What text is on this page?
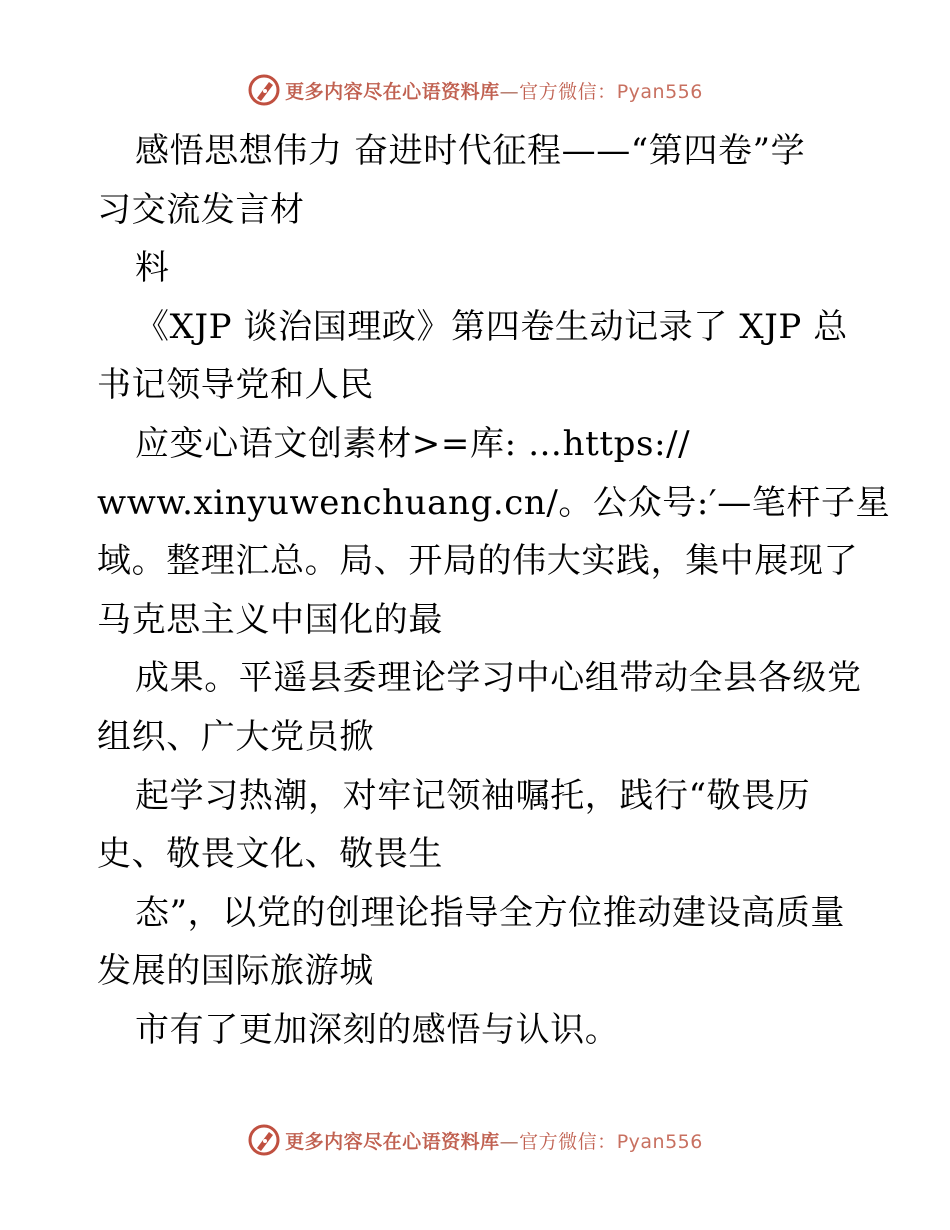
更多内容尽在心语资料库—官方微信：Pyan556
感悟思想伟力 奋进时代征程——“第四卷”学
习交流发言材
料
《XJP 谈治国理政》第四卷生动记录了 XJP 总
书记领导党和人民
应变心语文创素材>=库: …https://
www.xinyuwenchuang.cn/。公众号:′—笔杆子星
域。整理汇总。局、开局的伟大实践，集中展现了
马克思主义中国化的最
成果。平遥县委理论学习中心组带动全县各级党
组织、广大党员掀
起学习热潮，对牢记领袖嘱托，践行“敬畏历
史、敬畏文化、敬畏生
态”，以党的创理论指导全方位推动建设高质量
发展的国际旅游城
市有了更加深刻的感悟与认识。
更多内容尽在心语资料库—官方微信：Pyan556
